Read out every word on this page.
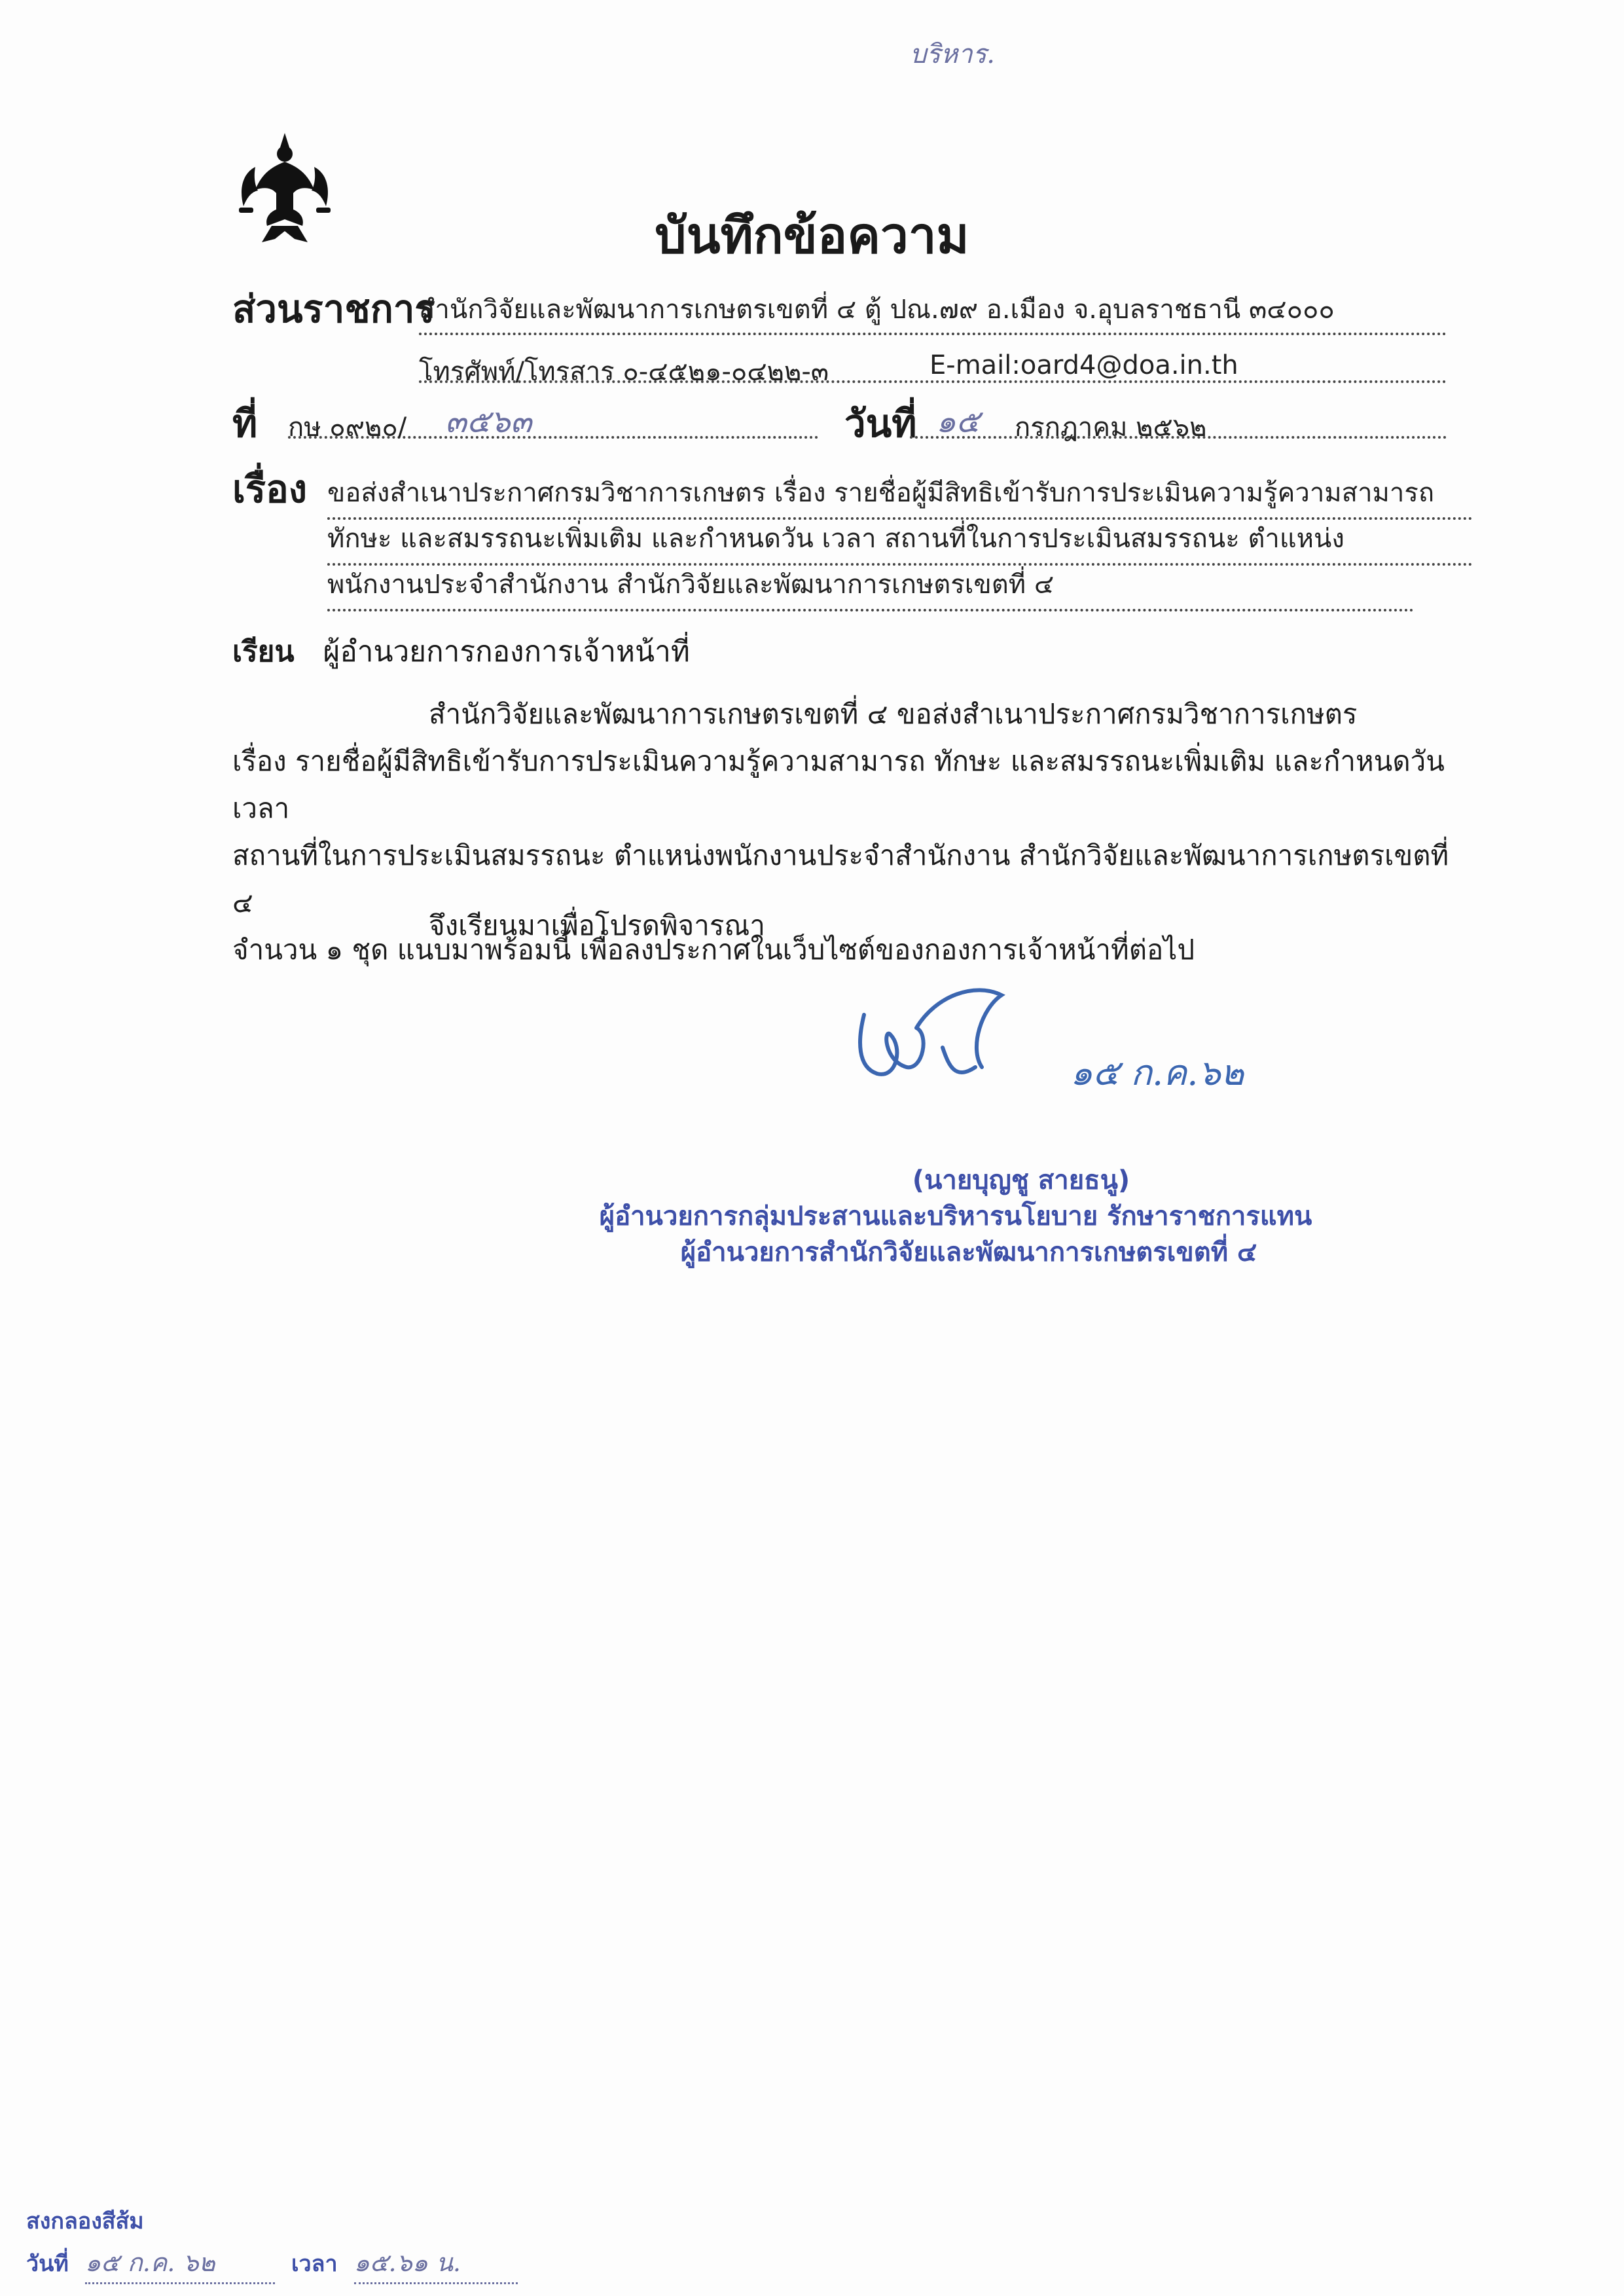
บริหาร.
บันทึกข้อความ
ส่วนราชการ
สำนักวิจัยและพัฒนาการเกษตรเขตที่ ๔ ตู้ ปณ.๗๙ อ.เมือง จ.อุบลราชธานี ๓๔๐๐๐
โทรศัพท์/โทรสาร ๐-๔๕๒๑-๐๔๒๒-๓	E-mail:oard4@doa.in.th
ที่ กษ ๐๙๒๐/ ๓๕๖๓	วันที่ ๑๕ กรกฎาคม ๒๕๖๒
เรื่อง ขอส่งสำเนาประกาศกรมวิชาการเกษตร เรื่อง รายชื่อผู้มีสิทธิเข้ารับการประเมินความรู้ความสามารถ
ทักษะ และสมรรถนะเพิ่มเติม และกำหนดวัน เวลา สถานที่ในการประเมินสมรรถนะ ตำแหน่ง
พนักงานประจำสำนักงาน สำนักวิจัยและพัฒนาการเกษตรเขตที่ ๔
เรียน ผู้อำนวยการกองการเจ้าหน้าที่
สำนักวิจัยและพัฒนาการเกษตรเขตที่ ๔ ขอส่งสำเนาประกาศกรมวิชาการเกษตร
เรื่อง รายชื่อผู้มีสิทธิเข้ารับการประเมินความรู้ความสามารถ ทักษะ และสมรรถนะเพิ่มเติม และกำหนดวัน เวลา
สถานที่ในการประเมินสมรรถนะ ตำแหน่งพนักงานประจำสำนักงาน สำนักวิจัยและพัฒนาการเกษตรเขตที่ ๔
จำนวน ๑ ชุด แนบมาพร้อมนี้ เพื่อลงประกาศในเว็บไซต์ของกองการเจ้าหน้าที่ต่อไป
จึงเรียนมาเพื่อโปรดพิจารณา
๑๕ ก.ค.๖๒
(นายบุญชู สายธนู)
ผู้อำนวยการกลุ่มประสานและบริหารนโยบาย รักษาราชการแทน
ผู้อำนวยการสำนักวิจัยและพัฒนาการเกษตรเขตที่ ๔
สงกลองสีส้ม
วันที่ ๑๕ ก.ค. ๖๒	เวลา ๑๕.๖๑ น.
